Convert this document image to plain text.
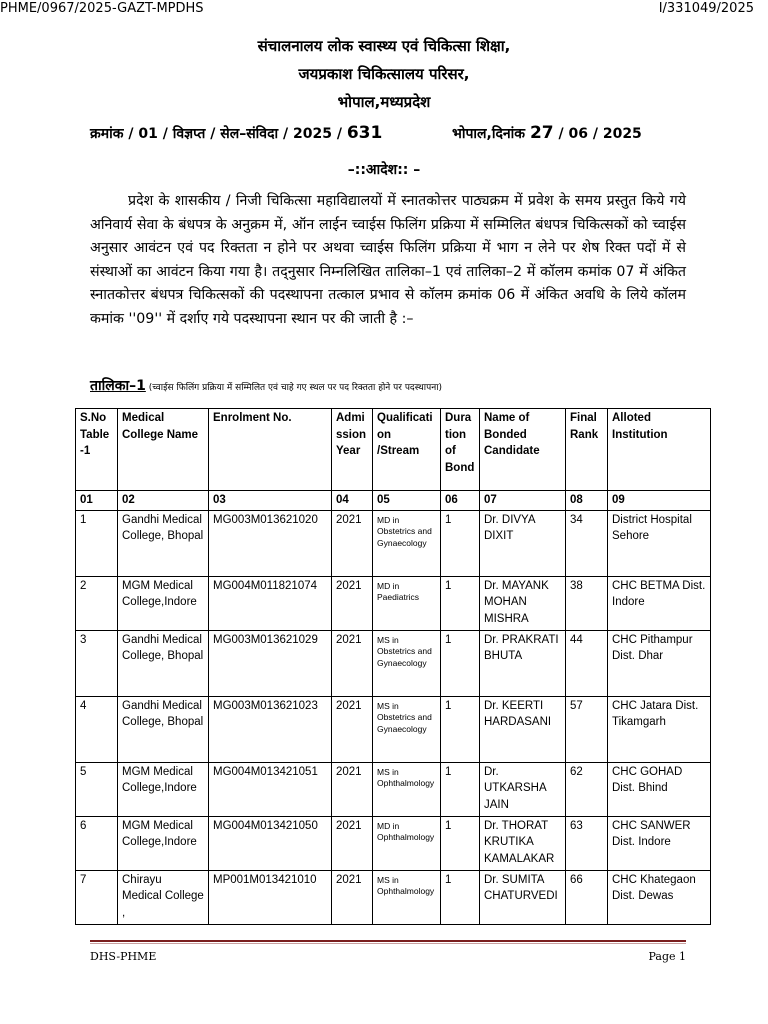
PHME/0967/2025-GAZT-MPDHS	I/331049/2025
संचालनालय लोक स्वास्थ्य एवं चिकित्सा शिक्षा,
जयप्रकाश चिकित्सालय परिसर,
भोपाल,मध्यप्रदेश
क्रमांक / 01 / विज्ञप्त / सेल–संविदा / 2025 / 631	भोपाल,दिनांक 27 / 06 / 2025
–::आदेश:: –
प्रदेश के शासकीय / निजी चिकित्सा महाविद्यालयों में स्नातकोत्तर पाठ्यक्रम में प्रवेश के समय प्रस्तुत किये गये अनिवार्य सेवा के बंधपत्र के अनुक्रम में, ऑन लाईन च्वाईस फिलिंग प्रक्रिया में सम्मिलित बंधपत्र चिकित्सकों को च्वाईस अनुसार आवंटन एवं पद रिक्तता न होने पर अथवा च्वाईस फिलिंग प्रक्रिया में भाग न लेने पर शेष रिक्त पदों में से संस्थाओं का आवंटन किया गया है। तद्नुसार निम्नलिखित तालिका–1 एवं तालिका–2 में कॉलम कमांक 07 में अंकित स्नातकोत्तर बंधपत्र चिकित्सकों की पदस्थापना तत्काल प्रभाव से कॉलम क्रमांक 06 में अंकित अवधि के लिये कॉलम कमांक ''09'' में दर्शाए गये पदस्थापना स्थान पर की जाती है :–
तालिका–1 (च्वाईस फिलिंग प्रक्रिया में सम्मिलित एवं चाहे गए स्थल पर पद रिक्तता होने पर पदस्थापना)
S.No Table -1	Medical College Name	Enrolment No.	Admission Year	Qualification /Stream	Duration of Bond	Name of Bonded Candidate	Final Rank	Alloted Institution
01	02	03	04	05	06	07	08	09
1	Gandhi Medical College, Bhopal	MG003M013621020	2021	MD in Obstetrics and Gynaecology	1	Dr. DIVYA DIXIT	34	District Hospital Sehore
2	MGM Medical College,Indore	MG004M011821074	2021	MD in Paediatrics	1	Dr. MAYANK MOHAN MISHRA	38	CHC BETMA Dist. Indore
3	Gandhi Medical College, Bhopal	MG003M013621029	2021	MS in Obstetrics and Gynaecology	1	Dr. PRAKRATI BHUTA	44	CHC Pithampur Dist. Dhar
4	Gandhi Medical College, Bhopal	MG003M013621023	2021	MS in Obstetrics and Gynaecology	1	Dr. KEERTI HARDASANI	57	CHC Jatara Dist. Tikamgarh
5	MGM Medical College,Indore	MG004M013421051	2021	MS in Ophthalmology	1	Dr. UTKARSHA JAIN	62	CHC GOHAD Dist. Bhind
6	MGM Medical College,Indore	MG004M013421050	2021	MD in Ophthalmology	1	Dr. THORAT KRUTIKA KAMALAKAR	63	CHC SANWER Dist. Indore
7	Chirayu Medical College ,	MP001M013421010	2021	MS in Ophthalmology	1	Dr. SUMITA CHATURVEDI	66	CHC Khategaon Dist. Dewas
DHS-PHME	Page 1
